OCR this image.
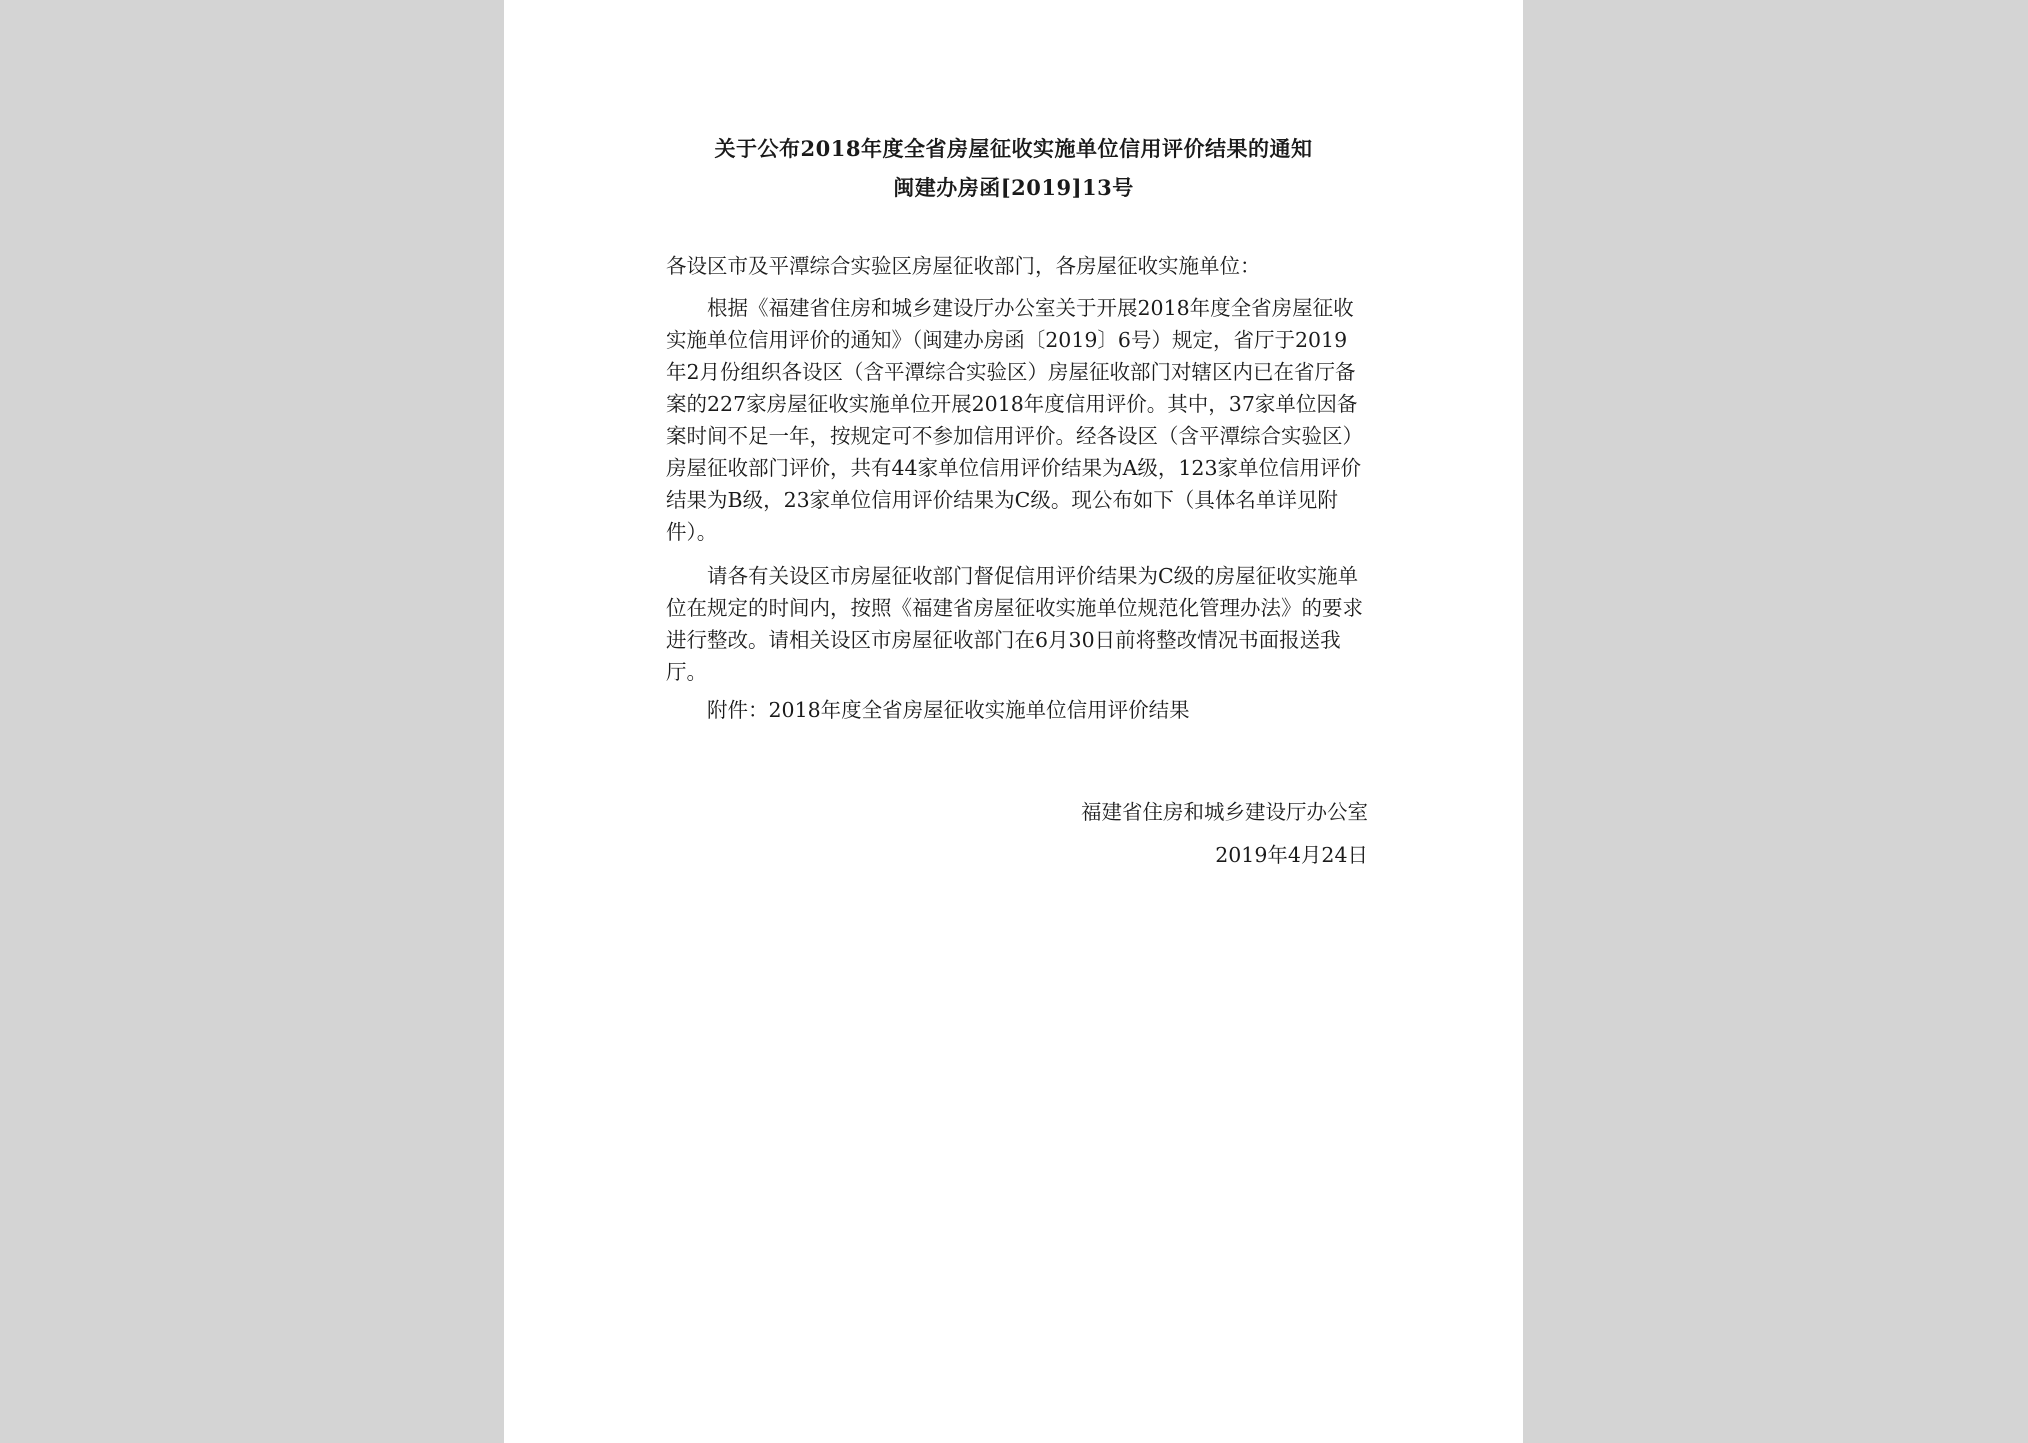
关于公布2018年度全省房屋征收实施单位信用评价结果的通知
闽建办房函[2019]13号

各设区市及平潭综合实验区房屋征收部门，各房屋征收实施单位：

根据《福建省住房和城乡建设厅办公室关于开展2018年度全省房屋征收实施单位信用评价的通知》（闽建办房函〔2019〕6号）规定，省厅于2019年2月份组织各设区（含平潭综合实验区）房屋征收部门对辖区内已在省厅备案的227家房屋征收实施单位开展2018年度信用评价。其中，37家单位因备案时间不足一年，按规定可不参加信用评价。经各设区（含平潭综合实验区）房屋征收部门评价，共有44家单位信用评价结果为A级，123家单位信用评价结果为B级，23家单位信用评价结果为C级。现公布如下（具体名单详见附件）。

请各有关设区市房屋征收部门督促信用评价结果为C级的房屋征收实施单位在规定的时间内，按照《福建省房屋征收实施单位规范化管理办法》的要求进行整改。请相关设区市房屋征收部门在6月30日前将整改情况书面报送我厅。

附件：2018年度全省房屋征收实施单位信用评价结果

福建省住房和城乡建设厅办公室

2019年4月24日
